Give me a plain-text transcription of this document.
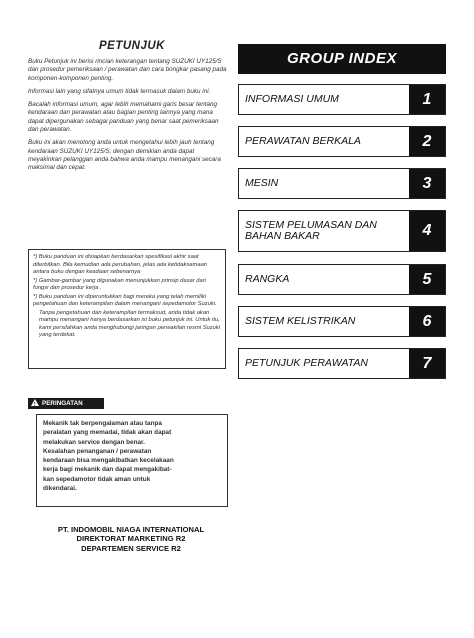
PETUNJUK

Buku Petunjuk ini berisi rincian keterangan tentang SUZUKI UY125/S dan prosedur pemeriksaan / perawatan dan cara bongkar pasang pada komponen-komponen penting.

Informasi lain yang sifatnya umum tidak termasuk dalam buku ini.

Bacalah informasi umum, agar lebih memahami garis besar tentang kendaraan dan perawatan atau bagian penting lainnya yang mana dapat dipergunakan sebagai panduan yang benar saat pemeriksaan dan perawatan.

Buku ini akan menolong anda untuk mengetahui lebih jauh tentang kendaraan SUZUKI UY125/S, dengan demikian anda dapat meyakinkan pelanggan anda bahwa anda mampu menangani secara maksimal dan cepat.

*) Buku panduan ini disiapkan berdasarkan spesifikasi akhir saat diterbitkan. Bila kemudian ada perubahan, jelas ada ketidaksamaan antara buku dengan keadaan sebenarnya

*) Gambar-gambar yang digunakan menunjukkan prinsip dasar dari fungsi dan prosedur kerja .

*) Buku panduan ini diperuntukkan bagi mereka yang telah memiliki pengetahuan dan keterampilan dalam menangani sepedamotor Suzuki.

Tanpa pengetahuan dan keterampilan termaksud, anda tidak akan mampu menangani hanya berdasarkan isi buku petunjuk ini. Untuk itu, kami persilahkan anda menghubungi jaringan perwakilan resmi Suzuki yang terdekat.

!PERINGATAN

Mekanik tak berpengalaman atau tanpa

peralatan yang memadai, tidak akan dapat

melakukan service dengan benar.

Kesalahan penanganan / perawatan

kendaraan bisa mengakibatkan kecelakaan

kerja bagi mekanik dan dapat mengakibat-

kan sepedamotor tidak aman untuk

dikendarai.

PT. INDOMOBIL NIAGA INTERNATIONAL

DIREKTORAT MARKETING R2

DEPARTEMEN SERVICE R2

GROUP INDEX
INFORMASI UMUM	1
PERAWATAN BERKALA	2
MESIN	3
SISTEM PELUMASAN DAN BAHAN BAKAR	4
RANGKA	5
SISTEM KELISTRIKAN	6
PETUNJUK PERAWATAN	7
